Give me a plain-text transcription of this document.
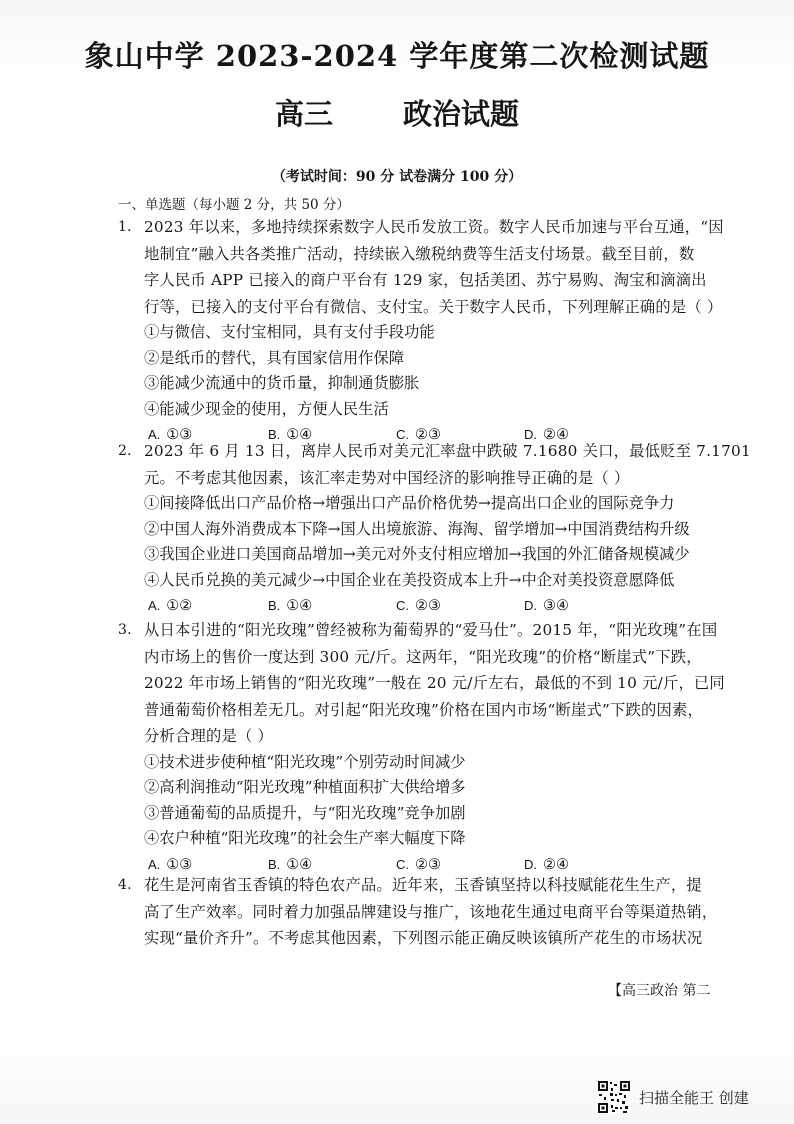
象山中学 2023-2024 学年度第二次检测试题
高三 政治试题
（考试时间：90 分 试卷满分 100 分）
一、单选题（每小题 2 分，共 50 分）
1. 2023 年以来，多地持续探索数字人民币发放工资。数字人民币加速与平台互通，“因
地制宜”融入共各类推广活动，持续嵌入缴税纳费等生活支付场景。截至目前，数
字人民币 APP 已接入的商户平台有 129 家，包括美团、苏宁易购、淘宝和滴滴出
行等，已接入的支付平台有微信、支付宝。关于数字人民币，下列理解正确的是（ ）
①与微信、支付宝相同，具有支付手段功能
②是纸币的替代，具有国家信用作保障
③能减少流通中的货币量，抑制通货膨胀
④能减少现金的使用，方便人民生活
A. ①③	B. ①④	C. ②③	D. ②④
2. 2023 年 6 月 13 日，离岸人民币对美元汇率盘中跌破 7.1680 关口，最低贬至 7.1701
元。不考虑其他因素，该汇率走势对中国经济的影响推导正确的是（ ）
①间接降低出口产品价格→增强出口产品价格优势→提高出口企业的国际竞争力
②中国人海外消费成本下降→国人出境旅游、海淘、留学增加→中国消费结构升级
③我国企业进口美国商品增加→美元对外支付相应增加→我国的外汇储备规模减少
④人民币兑换的美元减少→中国企业在美投资成本上升→中企对美投资意愿降低
A. ①②	B. ①④	C. ②③	D. ③④
3. 从日本引进的“阳光玫瑰”曾经被称为葡萄界的“爱马仕”。2015 年，“阳光玫瑰”在国
内市场上的售价一度达到 300 元/斤。这两年，“阳光玫瑰”的价格“断崖式”下跌，
2022 年市场上销售的“阳光玫瑰”一般在 20 元/斤左右，最低的不到 10 元/斤，已同
普通葡萄价格相差无几。对引起“阳光玫瑰”价格在国内市场“断崖式”下跌的因素，
分析合理的是（ ）
①技术进步使种植“阳光玫瑰”个别劳动时间减少
②高利润推动“阳光玫瑰”种植面积扩大供给增多
③普通葡萄的品质提升，与“阳光玫瑰”竞争加剧
④农户种植“阳光玫瑰”的社会生产率大幅度下降
A. ①③	B. ①④	C. ②③	D. ②④
4. 花生是河南省玉香镇的特色农产品。近年来，玉香镇坚持以科技赋能花生生产，提
高了生产效率。同时着力加强品牌建设与推广，该地花生通过电商平台等渠道热销，
实现“量价齐升”。不考虑其他因素，下列图示能正确反映该镇所产花生的市场状况
【高三政治 第二
扫描全能王 创建
